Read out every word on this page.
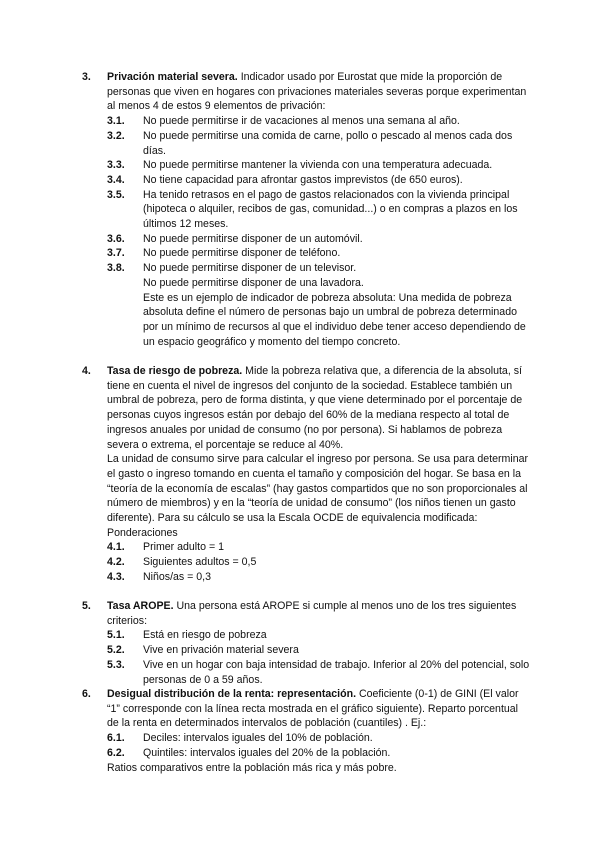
3. Privación material severa. Indicador usado por Eurostat que mide la proporción de personas que viven en hogares con privaciones materiales severas porque experimentan al menos 4 de estos 9 elementos de privación:

3.1. No puede permitirse ir de vacaciones al menos una semana al año.
3.2. No puede permitirse una comida de carne, pollo o pescado al menos cada dos días.
3.3. No puede permitirse mantener la vivienda con una temperatura adecuada.
3.4. No tiene capacidad para afrontar gastos imprevistos (de 650 euros).
3.5. Ha tenido retrasos en el pago de gastos relacionados con la vivienda principal (hipoteca o alquiler, recibos de gas, comunidad...) o en compras a plazos en los últimos 12 meses.
3.6. No puede permitirse disponer de un automóvil.
3.7. No puede permitirse disponer de teléfono.
3.8. No puede permitirse disponer de un televisor.
No puede permitirse disponer de una lavadora.
Este es un ejemplo de indicador de pobreza absoluta: Una medida de pobreza absoluta define el número de personas bajo un umbral de pobreza determinado por un mínimo de recursos al que el individuo debe tener acceso dependiendo de un espacio geográfico y momento del tiempo concreto.
4. Tasa de riesgo de pobreza. Mide la pobreza relativa que, a diferencia de la absoluta, sí tiene en cuenta el nivel de ingresos del conjunto de la sociedad. Establece también un umbral de pobreza, pero de forma distinta, y que viene determinado por el porcentaje de personas cuyos ingresos están por debajo del 60% de la mediana respecto al total de ingresos anuales por unidad de consumo (no por persona). Si hablamos de pobreza severa o extrema, el porcentaje se reduce al 40%.

La unidad de consumo sirve para calcular el ingreso por persona. Se usa para determinar el gasto o ingreso tomando en cuenta el tamaño y composición del hogar. Se basa en la “teoría de la economía de escalas” (hay gastos compartidos que no son proporcionales al número de miembros) y en la “teoría de unidad de consumo” (los niños tienen un gasto diferente). Para su cálculo se usa la Escala OCDE de equivalencia modificada: Ponderaciones

4.1. Primer adulto = 1
4.2. Siguientes adultos = 0,5
4.3. Niños/as = 0,3
5. Tasa AROPE. Una persona está AROPE si cumple al menos uno de los tres siguientes criterios:

5.1. Está en riesgo de pobreza
5.2. Vive en privación material severa
5.3. Vive en un hogar con baja intensidad de trabajo. Inferior al 20% del potencial, solo personas de 0 a 59 años.
6. Desigual distribución de la renta: representación. Coeficiente (0-1) de GINI (El valor “1” corresponde con la línea recta mostrada en el gráfico siguiente). Reparto porcentual de la renta en determinados intervalos de población (cuantiles) . Ej.:

6.1. Deciles: intervalos iguales del 10% de población.
6.2. Quintiles: intervalos iguales del 20% de la población.

Ratios comparativos entre la población más rica y más pobre.
